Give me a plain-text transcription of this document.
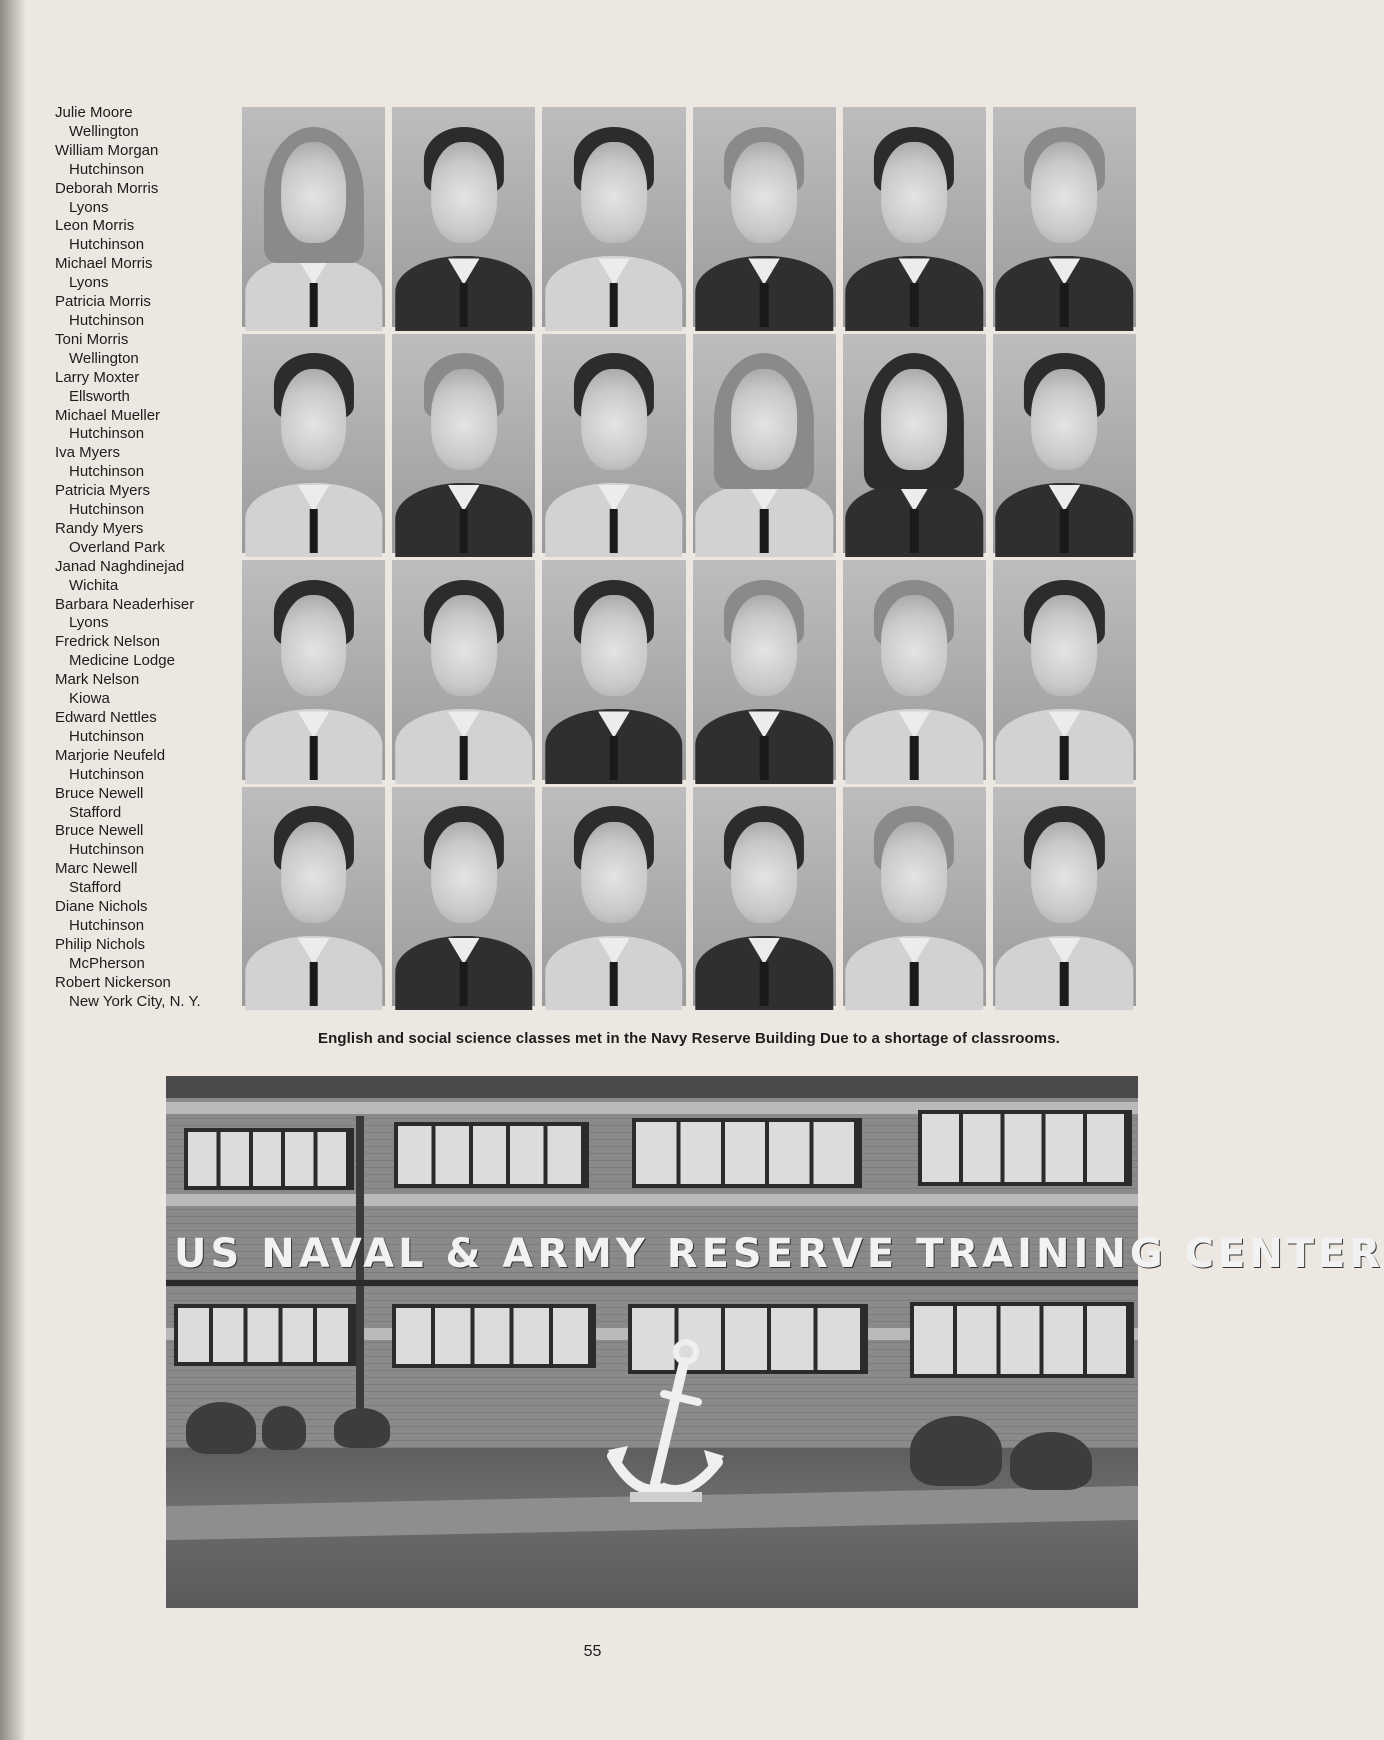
Julie Moore
Wellington
William Morgan
Hutchinson
Deborah Morris
Lyons
Leon Morris
Hutchinson
Michael Morris
Lyons
Patricia Morris
Hutchinson
Toni Morris
Wellington
Larry Moxter
Ellsworth
Michael Mueller
Hutchinson
Iva Myers
Hutchinson
Patricia Myers
Hutchinson
Randy Myers
Overland Park
Janad Naghdinejad
Wichita
Barbara Neaderhiser
Lyons
Fredrick Nelson
Medicine Lodge
Mark Nelson
Kiowa
Edward Nettles
Hutchinson
Marjorie Neufeld
Hutchinson
Bruce Newell
Stafford
Bruce Newell
Hutchinson
Marc Newell
Stafford
Diane Nichols
Hutchinson
Philip Nichols
McPherson
Robert Nickerson
New York City, N. Y.
English and social science classes met in the Navy Reserve Building Due to a shortage of classrooms.
US NAVAL & ARMY RESERVE TRAINING CENTER
55
